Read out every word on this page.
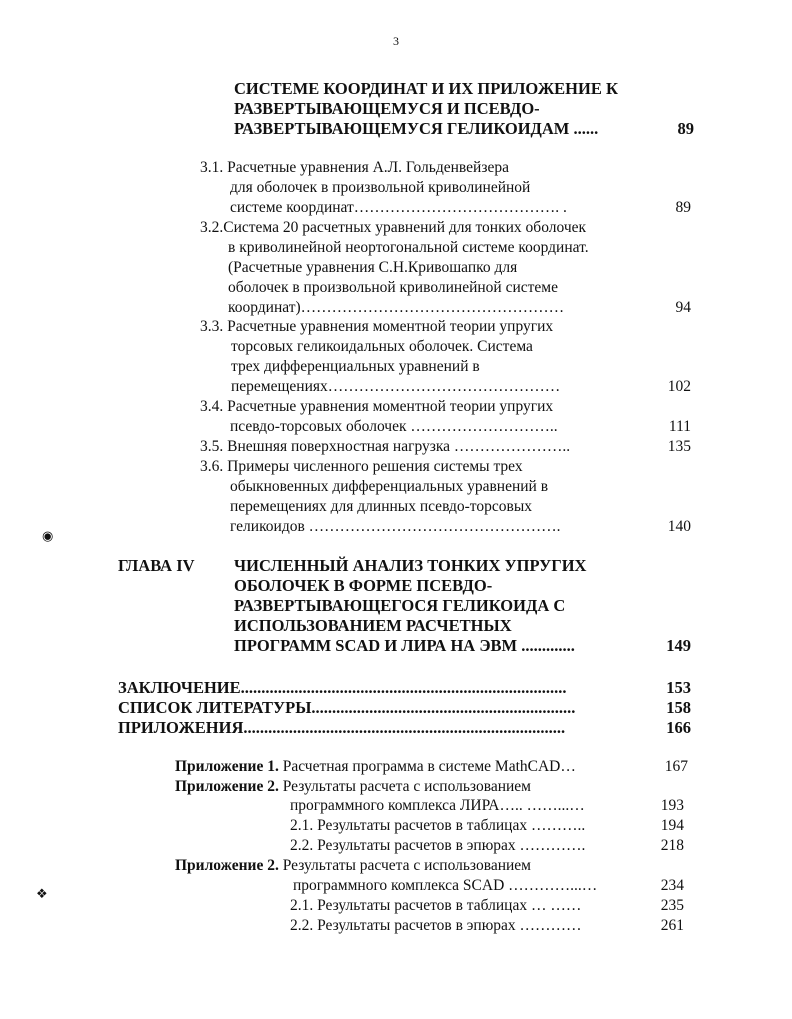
3
СИСТЕМЕ КООРДИНАТ И ИХ ПРИЛОЖЕНИЕ К
РАЗВЕРТЫВАЮЩЕМУСЯ И ПСЕВДО-
РАЗВЕРТЫВАЮЩЕМУСЯ ГЕЛИКОИДАМ ......	89
3.1. Расчетные уравнения А.Л. Гольденвейзера
для оболочек в произвольной криволинейной
системе координат…………………………………. .	89
3.2.Система 20 расчетных уравнений для тонких оболочек
в криволинейной неортогональной системе координат.
(Расчетные уравнения С.Н.Кривошапко для
оболочек в произвольной криволинейной системе
координат)……………………………………………	94
3.3. Расчетные уравнения моментной теории упругих
торсовых геликоидальных оболочек. Система
трех дифференциальных уравнений в
перемещениях………………………………………	102
3.4. Расчетные уравнения моментной теории упругих
псевдо-торсовых оболочек ………………………..	111
3.5. Внешняя поверхностная нагрузка …………………..	135
3.6. Примеры численного решения системы трех
обыкновенных дифференциальных уравнений в
перемещениях для длинных псевдо-торсовых
геликоидов ………………………………………….	140
◉
ГЛАВА IV ЧИСЛЕННЫЙ АНАЛИЗ ТОНКИХ УПРУГИХ
ОБОЛОЧЕК В ФОРМЕ ПСЕВДО-
РАЗВЕРТЫВАЮЩЕГОСЯ ГЕЛИКОИДА С
ИСПОЛЬЗОВАНИЕМ РАСЧЕТНЫХ
ПРОГРАММ SCAD И ЛИРА НА ЭВМ .............	149
ЗАКЛЮЧЕНИЕ...............................................................................	153
СПИСОК ЛИТЕРАТУРЫ................................................................	158
ПРИЛОЖЕНИЯ..............................................................................	166
Приложение 1. Расчетная программа в системе MathCAD…	167
Приложение 2. Результаты расчета с использованием
программного комплекса ЛИРА….. ……...…	193
2.1. Результаты расчетов в таблицах ………..	194
2.2. Результаты расчетов в эпюрах ………….	218
Приложение 2. Результаты расчета с использованием
программного комплекса SCAD …………...…	234
2.1. Результаты расчетов в таблицах … ……	235
2.2. Результаты расчетов в эпюрах …………	261
❖
